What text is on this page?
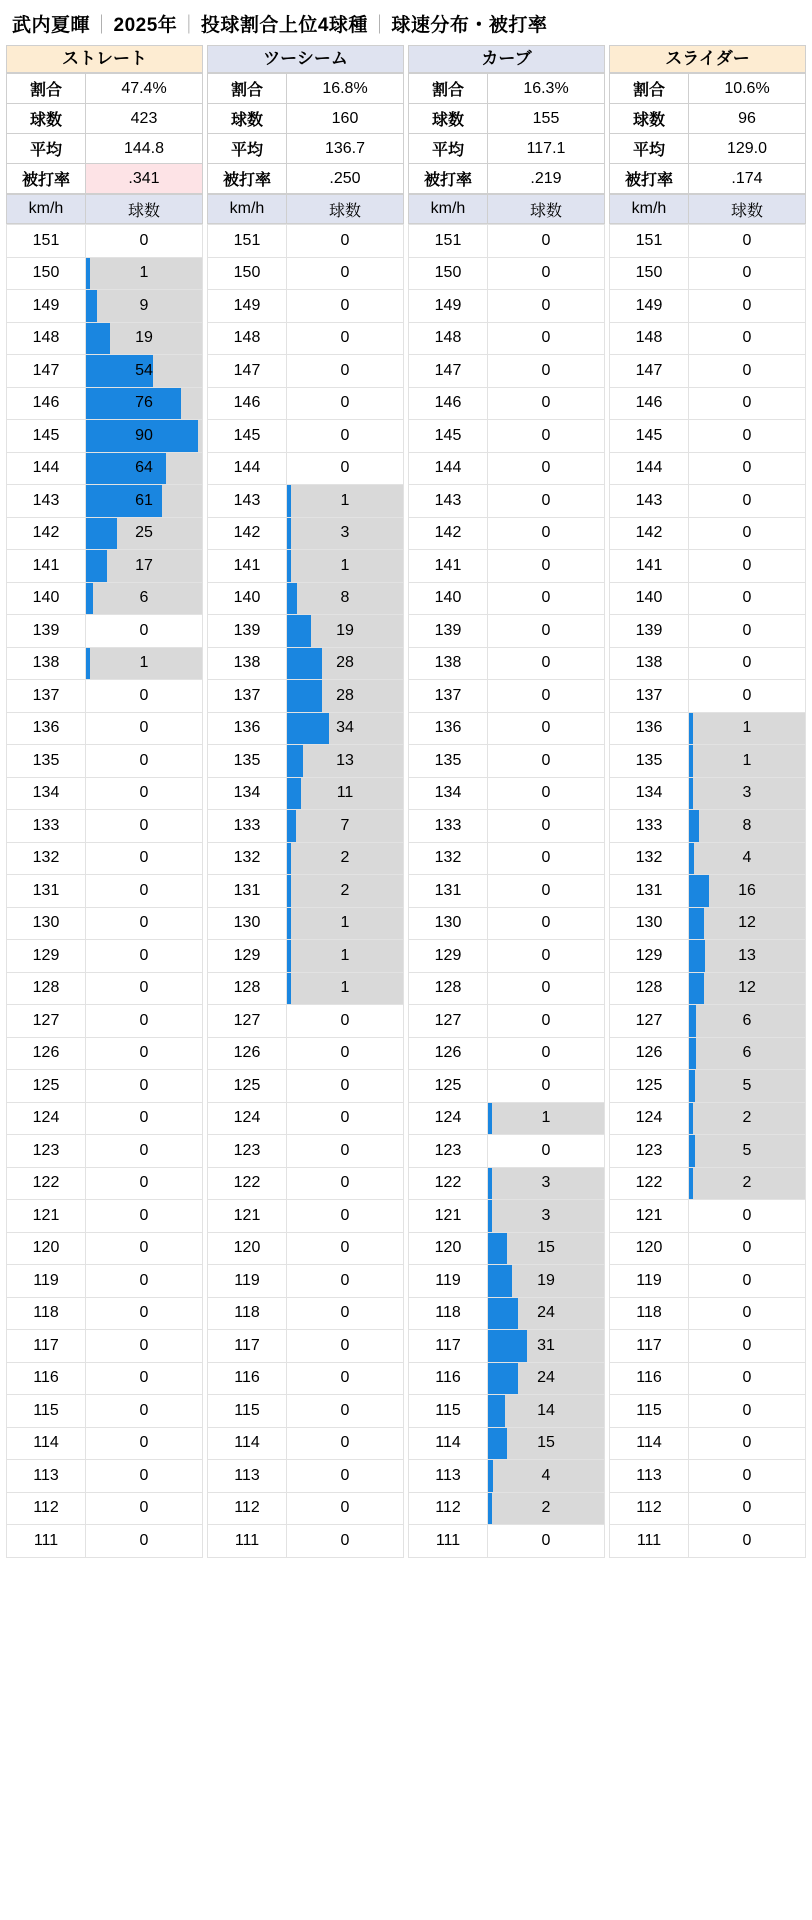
武内夏暉 ｜ 2025年 ｜ 投球割合上位4球種 ｜ 球速分布・被打率
ストレート
割合	47.4%
球数	423
平均	144.8
被打率	.341
km/h	球数
151	0

150	1

149	9

148	19

147	54

146	76

145	90

144	64

143	61

142	25

141	17

140	6

139	0

138	1

137	0

136	0

135	0

134	0

133	0

132	0

131	0

130	0

129	0

128	0

127	0

126	0

125	0

124	0

123	0

122	0

121	0

120	0

119	0

118	0

117	0

116	0

115	0

114	0

113	0

112	0

111	0
ツーシーム
割合	16.8%
球数	160
平均	136.7
被打率	.250
km/h	球数
151	0

150	0

149	0

148	0

147	0

146	0

145	0

144	0

143	1

142	3

141	1

140	8

139	19

138	28

137	28

136	34

135	13

134	11

133	7

132	2

131	2

130	1

129	1

128	1

127	0

126	0

125	0

124	0

123	0

122	0

121	0

120	0

119	0

118	0

117	0

116	0

115	0

114	0

113	0

112	0

111	0
カーブ
割合	16.3%
球数	155
平均	117.1
被打率	.219
km/h	球数
151	0

150	0

149	0

148	0

147	0

146	0

145	0

144	0

143	0

142	0

141	0

140	0

139	0

138	0

137	0

136	0

135	0

134	0

133	0

132	0

131	0

130	0

129	0

128	0

127	0

126	0

125	0

124	1

123	0

122	3

121	3

120	15

119	19

118	24

117	31

116	24

115	14

114	15

113	4

112	2

111	0
スライダー
割合	10.6%
球数	96
平均	129.0
被打率	.174
km/h	球数
151	0

150	0

149	0

148	0

147	0

146	0

145	0

144	0

143	0

142	0

141	0

140	0

139	0

138	0

137	0

136	1

135	1

134	3

133	8

132	4

131	16

130	12

129	13

128	12

127	6

126	6

125	5

124	2

123	5

122	2

121	0

120	0

119	0

118	0

117	0

116	0

115	0

114	0

113	0

112	0

111	0
